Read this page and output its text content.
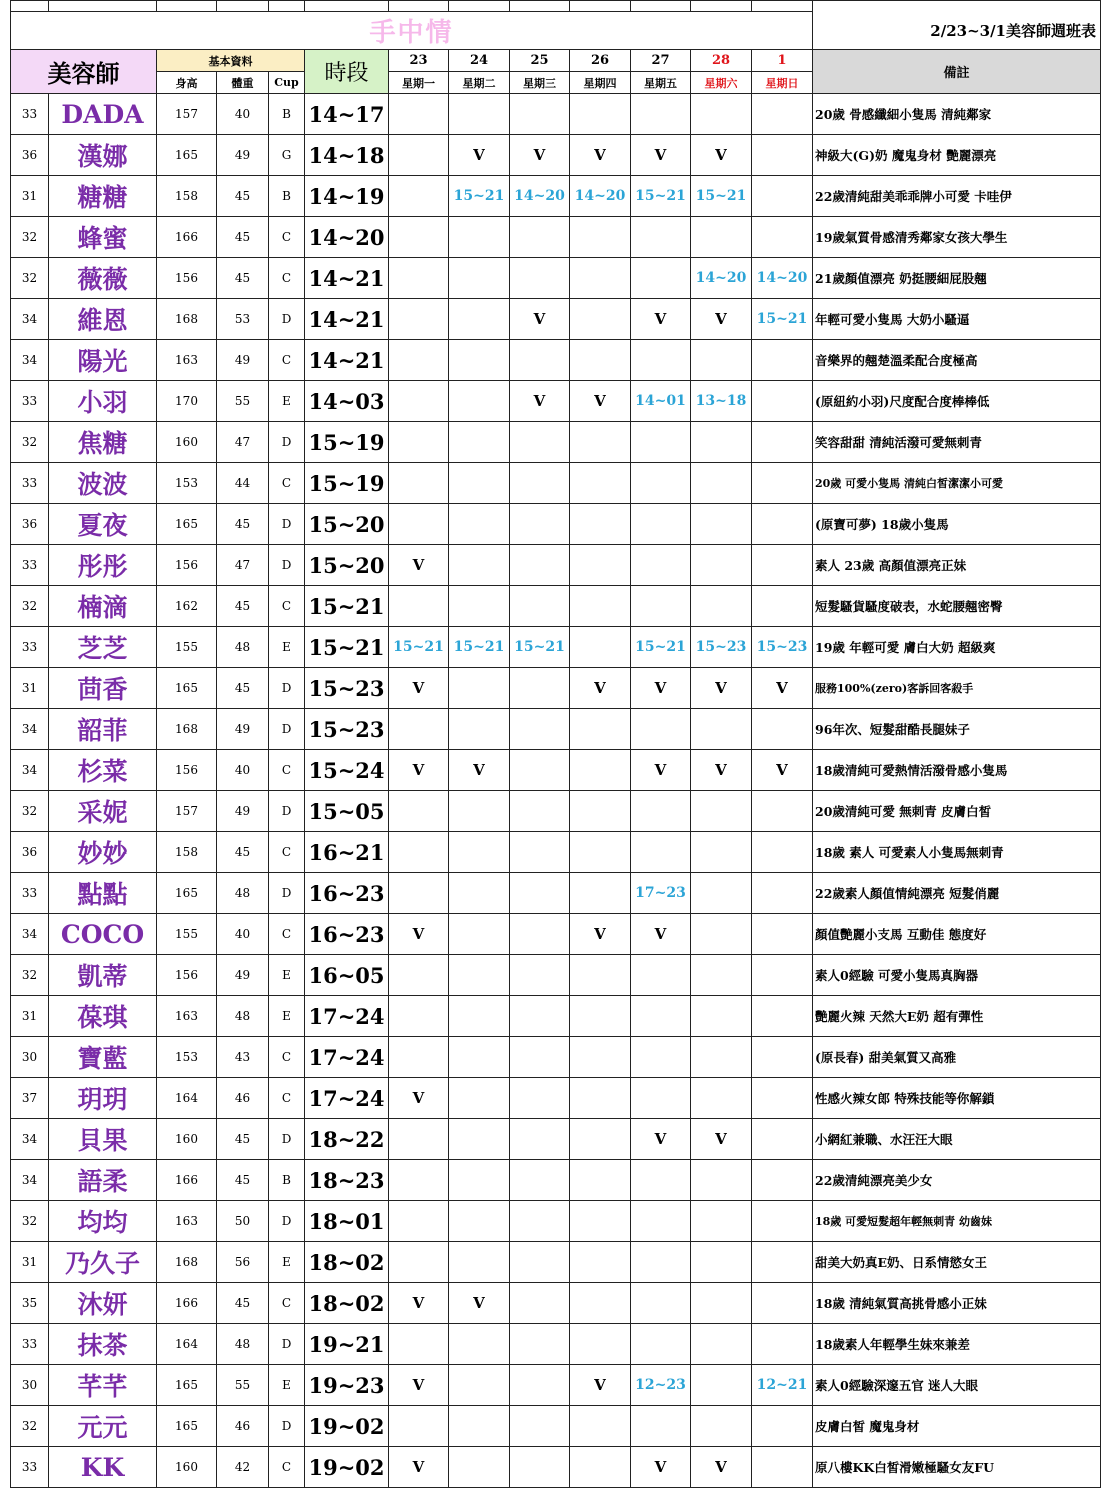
手中情													2/23~3/1美容師週班表
美容師		基本資料			時段	23	24	25	26	27	28	1	備註
		身高	體重	Cup		星期一	星期二	星期三	星期四	星期五	星期六	星期日	
33	DADA	157	40	B	14~17								20歲 骨感纖細小隻馬 清純鄰家
36	漢娜	165	49	G	14~18		V	V	V	V	V		神級大(G)奶 魔鬼身材 艷麗漂亮
31	糖糖	158	45	B	14~19		15~21	14~20	14~20	15~21	15~21		22歲清純甜美乖乖牌小可愛 卡哇伊
32	蜂蜜	166	45	C	14~20								19歲氣質骨感清秀鄰家女孩大學生
32	薇薇	156	45	C	14~21						14~20	14~20	21歲顏值漂亮 奶挺腰細屁股翹
34	維恩	168	53	D	14~21			V		V	V	15~21	年輕可愛小隻馬 大奶小騷逼
34	陽光	163	49	C	14~21								音樂界的翹楚溫柔配合度極高
33	小羽	170	55	E	14~03			V	V	14~01	13~18		(原紐約小羽)尺度配合度棒棒低
32	焦糖	160	47	D	15~19								笑容甜甜 清純活潑可愛無刺青
33	波波	153	44	C	15~19								20歲 可愛小隻馬 清純白皙潔潔小可愛
36	夏夜	165	45	D	15~20								(原寶可夢) 18歲小隻馬
33	彤彤	156	47	D	15~20	V							素人 23歲 高顏值漂亮正妹
32	楠滴	162	45	C	15~21								短髮騷貨騷度破表，水蛇腰翹密臀
33	芝芝	155	48	E	15~21	15~21	15~21	15~21		15~21	15~23	15~23	19歲 年輕可愛 膚白大奶 超級爽
31	茴香	165	45	D	15~23	V			V	V	V	V	服務100%(zero)客訴回客殺手
34	韶菲	168	49	D	15~23								96年次、短髮甜酷長腿妹子
34	杉菜	156	40	C	15~24	V	V			V	V	V	18歲清純可愛熱情活潑骨感小隻馬
32	采妮	157	49	D	15~05								20歲清純可愛 無刺青 皮膚白皙
36	妙妙	158	45	C	16~21								18歲 素人 可愛素人小隻馬無刺青
33	點點	165	48	D	16~23					17~23			22歲素人顏值情純漂亮 短髮俏麗
34	COCO	155	40	C	16~23	V			V	V			顏值艷麗小支馬 互動佳 態度好
32	凱蒂	156	49	E	16~05								素人0經驗 可愛小隻馬真胸器
31	葆琪	163	48	E	17~24								艷麗火辣 天然大E奶 超有彈性
30	寶藍	153	43	C	17~24								(原長春) 甜美氣質又高雅
37	玥玥	164	46	C	17~24	V							性感火辣女郎 特殊技能等你解鎖
34	貝果	160	45	D	18~22					V	V		小網紅兼職、水汪汪大眼
34	語柔	166	45	B	18~23								22歲清純漂亮美少女
32	均均	163	50	D	18~01								18歲 可愛短髮超年輕無刺青 幼齒妹
31	乃久子	168	56	E	18~02								甜美大奶真E奶、日系情慾女王
35	沐妍	166	45	C	18~02	V	V						18歲 清純氣質高挑骨感小正妹
33	抹茶	164	48	D	19~21								18歲素人年輕學生妹來兼差
30	芊芊	165	55	E	19~23	V			V	12~23		12~21	素人0經驗深邃五官 迷人大眼
32	元元	165	46	D	19~02								皮膚白皙 魔鬼身材
33	KK	160	42	C	19~02	V				V	V		原八樓KK白皙滑嫩極騷女友FU
